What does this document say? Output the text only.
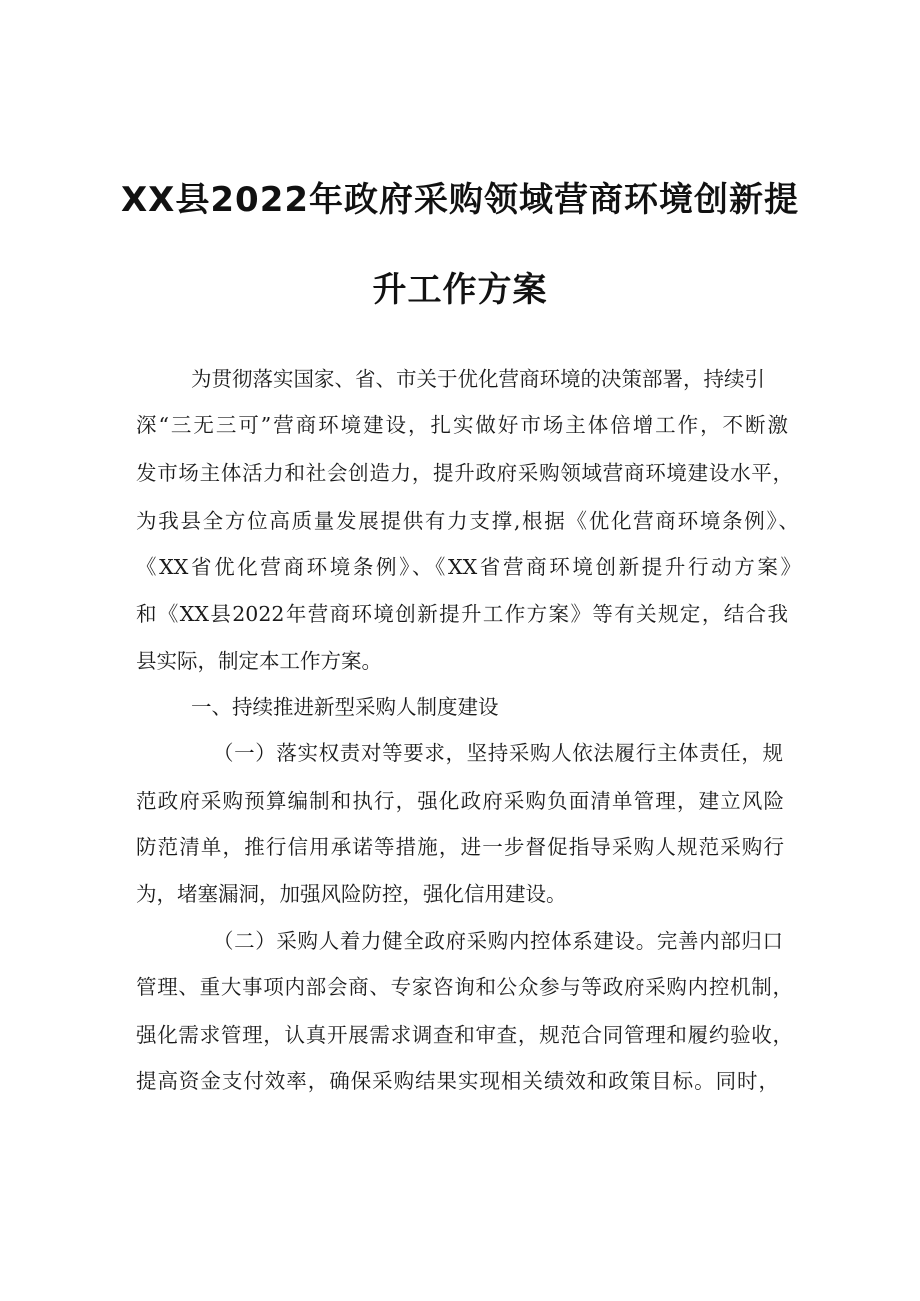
XX县2022年政府采购领域营商环境创新提
升工作方案

为贯彻落实国家、省、市关于优化营商环境的决策部署，持续引

深“三无三可”营商环境建设，扎实做好市场主体倍增工作，不断激

发市场主体活力和社会创造力，提升政府采购领域营商环境建设水平，

为我县全方位高质量发展提供有力支撑,根据《优化营商环境条例》、

《XX省优化营商环境条例》、《XX省营商环境创新提升行动方案》

和《XX县2022年营商环境创新提升工作方案》等有关规定，结合我

县实际，制定本工作方案。

一、持续推进新型采购人制度建设

（一）落实权责对等要求，坚持采购人依法履行主体责任，规

范政府采购预算编制和执行，强化政府采购负面清单管理，建立风险

防范清单，推行信用承诺等措施，进一步督促指导采购人规范采购行

为，堵塞漏洞，加强风险防控，强化信用建设。

（二）采购人着力健全政府采购内控体系建设。完善内部归口

管理、重大事项内部会商、专家咨询和公众参与等政府采购内控机制，

强化需求管理，认真开展需求调查和审查，规范合同管理和履约验收，

提高资金支付效率，确保采购结果实现相关绩效和政策目标。同时，
